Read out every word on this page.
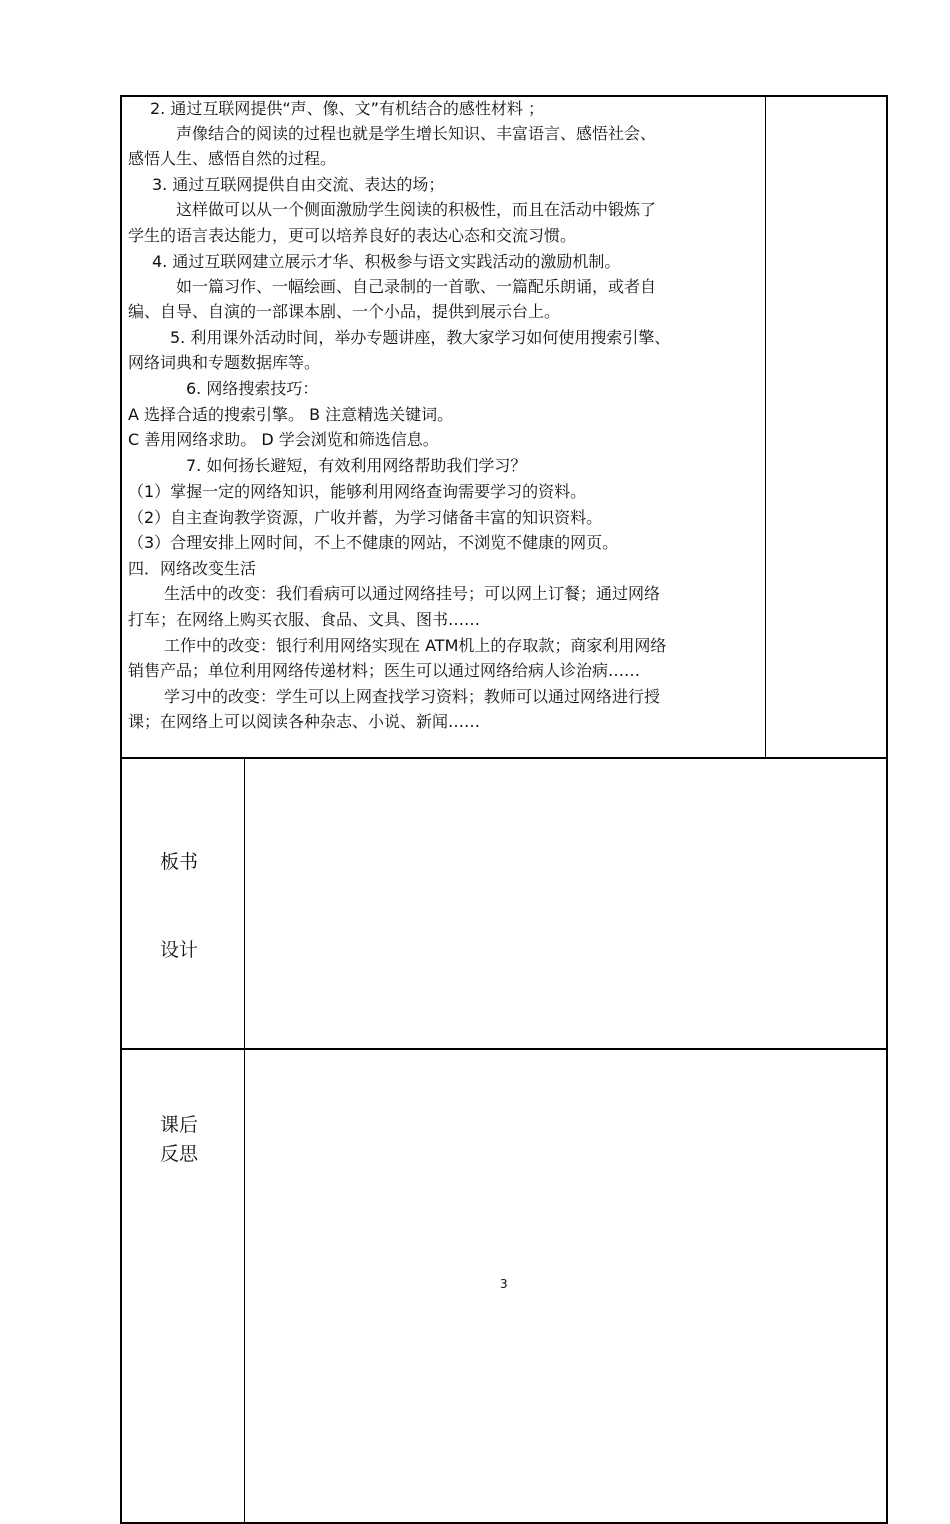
2. 通过互联网提供“声、像、文”有机结合的感性材料 ；
声像结合的阅读的过程也就是学生增长知识、丰富语言、感悟社会、
感悟人生、感悟自然的过程。
3. 通过互联网提供自由交流、表达的场；
这样做可以从一个侧面激励学生阅读的积极性，而且在活动中锻炼了
学生的语言表达能力，更可以培养良好的表达心态和交流习惯。
4. 通过互联网建立展示才华、积极参与语文实践活动的激励机制。
如一篇习作、一幅绘画、自己录制的一首歌、一篇配乐朗诵，或者自
编、自导、自演的一部课本剧、一个小品，提供到展示台上。
5. 利用课外活动时间，举办专题讲座，教大家学习如何使用搜索引擎、
网络词典和专题数据库等。
6. 网络搜索技巧：
A 选择合适的搜索引擎。 B 注意精选关键词。
C 善用网络求助。 D 学会浏览和筛选信息。
7. 如何扬长避短，有效利用网络帮助我们学习？
（1）掌握一定的网络知识，能够利用网络查询需要学习的资料。
（2）自主查询教学资源，广收并蓄，为学习储备丰富的知识资料。
（3）合理安排上网时间，不上不健康的网站，不浏览不健康的网页。
四．网络改变生活
生活中的改变：我们看病可以通过网络挂号；可以网上订餐；通过网络
打车；在网络上购买衣服、食品、文具、图书……
工作中的改变：银行利用网络实现在 ATM机上的存取款；商家利用网络
销售产品；单位利用网络传递材料；医生可以通过网络给病人诊治病……
学习中的改变：学生可以上网查找学习资料；教师可以通过网络进行授
课；在网络上可以阅读各种杂志、小说、新闻……
板书
设计
课后
反思
3
